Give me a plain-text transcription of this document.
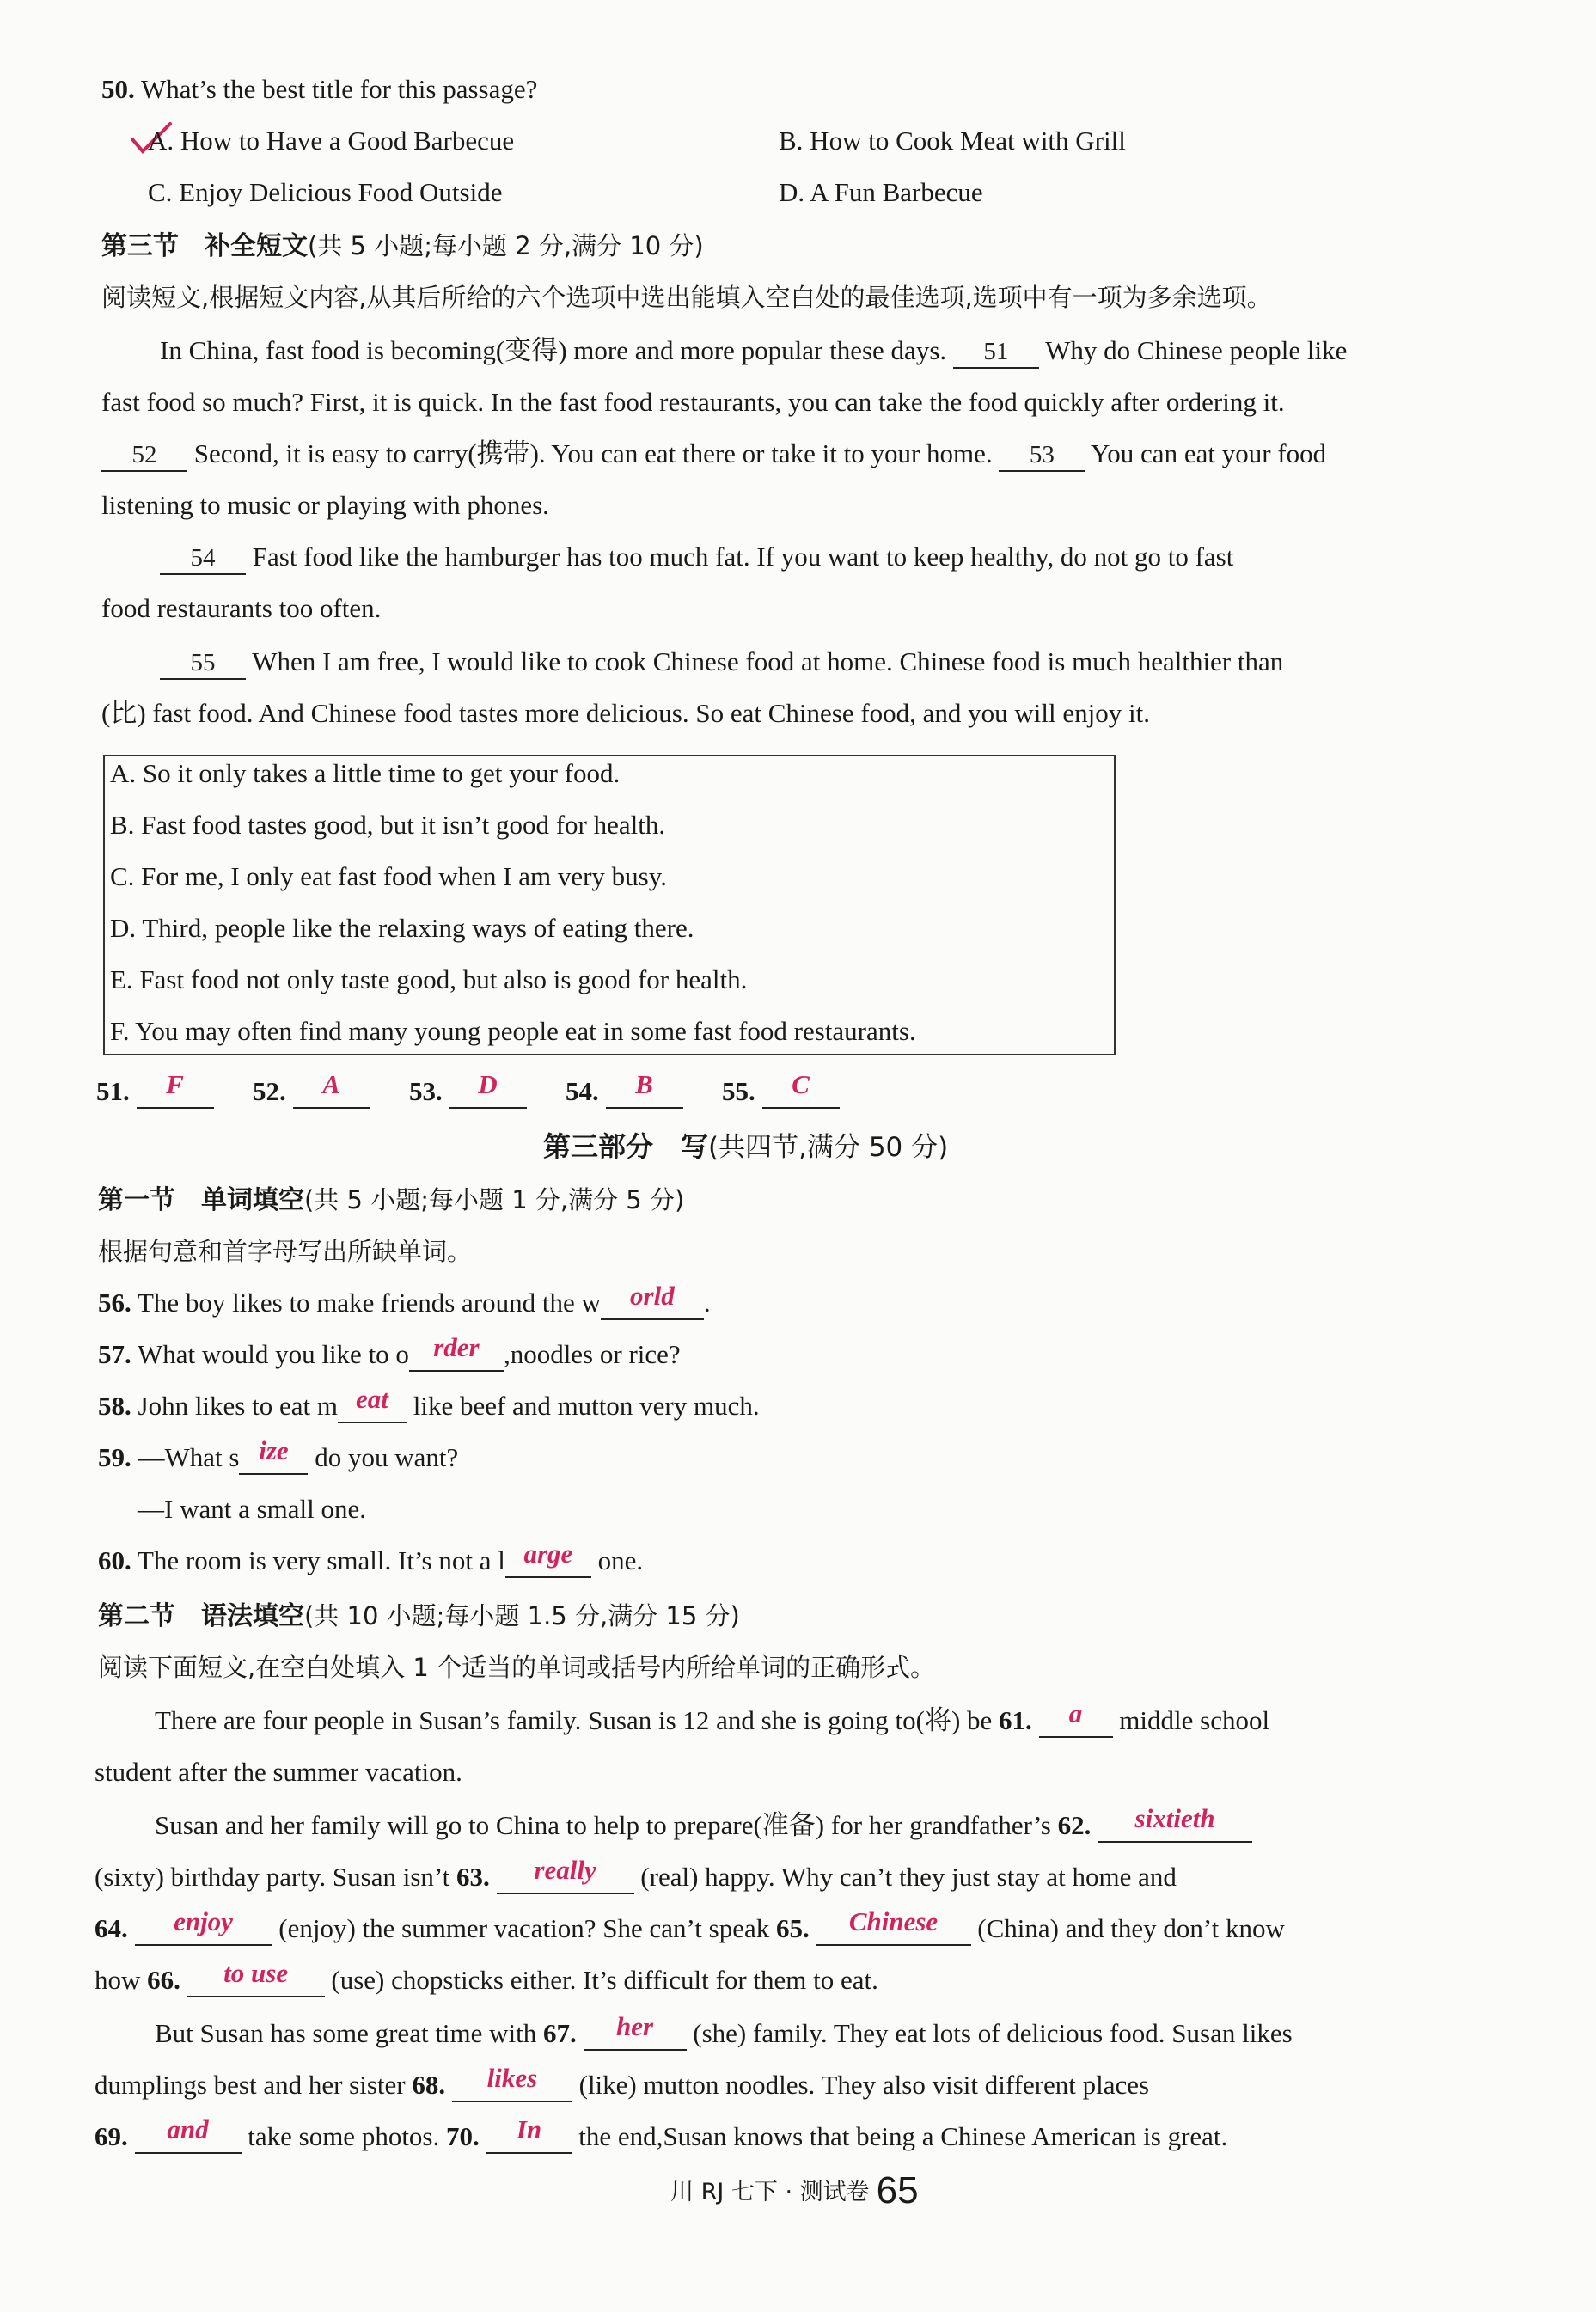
50. What’s the best title for this passage?
A. How to Have a Good Barbecue	B. How to Cook Meat with Grill
C. Enjoy Delicious Food Outside	D. A Fun Barbecue
第三节　补全短文(共 5 小题;每小题 2 分,满分 10 分)
阅读短文,根据短文内容,从其后所给的六个选项中选出能填入空白处的最佳选项,选项中有一项为多余选项。
In China, fast food is becoming(变得) more and more popular these days. 51 Why do Chinese people like
fast food so much? First, it is quick. In the fast food restaurants, you can take the food quickly after ordering it.
52 Second, it is easy to carry(携带). You can eat there or take it to your home. 53 You can eat your food
listening to music or playing with phones.
54 Fast food like the hamburger has too much fat. If you want to keep healthy, do not go to fast
food restaurants too often.
55 When I am free, I would like to cook Chinese food at home. Chinese food is much healthier than
(比) fast food. And Chinese food tastes more delicious. So eat Chinese food, and you will enjoy it.
A. So it only takes a little time to get your food.
B. Fast food tastes good, but it isn’t good for health.
C. For me, I only eat fast food when I am very busy.
D. Third, people like the relaxing ways of eating there.
E. Fast food not only taste good, but also is good for health.
F. You may often find many young people eat in some fast food restaurants.
51. F	52. A	53. D	54. B	55. C
第三部分　写(共四节,满分 50 分)
第一节　单词填空(共 5 小题;每小题 1 分,满分 5 分)
根据句意和首字母写出所缺单词。
56. The boy likes to make friends around the w orld .
57. What would you like to o rder ,noodles or rice?
58. John likes to eat m eat like beef and mutton very much.
59. —What s ize do you want?
—I want a small one.
60. The room is very small. It’s not a l arge one.
第二节　语法填空(共 10 小题;每小题 1.5 分,满分 15 分)
阅读下面短文,在空白处填入 1 个适当的单词或括号内所给单词的正确形式。
There are four people in Susan’s family. Susan is 12 and she is going to(将) be 61. a middle school
student after the summer vacation.
Susan and her family will go to China to help to prepare(准备) for her grandfather’s 62. sixtieth
(sixty) birthday party. Susan isn’t 63. really (real) happy. Why can’t they just stay at home and
64. enjoy (enjoy) the summer vacation? She can’t speak 65. Chinese (China) and they don’t know
how 66. to use (use) chopsticks either. It’s difficult for them to eat.
But Susan has some great time with 67. her (she) family. They eat lots of delicious food. Susan likes
dumplings best and her sister 68. likes (like) mutton noodles. They also visit different places
69. and take some photos. 70. In the end,Susan knows that being a Chinese American is great.
川 RJ 七下 · 测试卷 65
